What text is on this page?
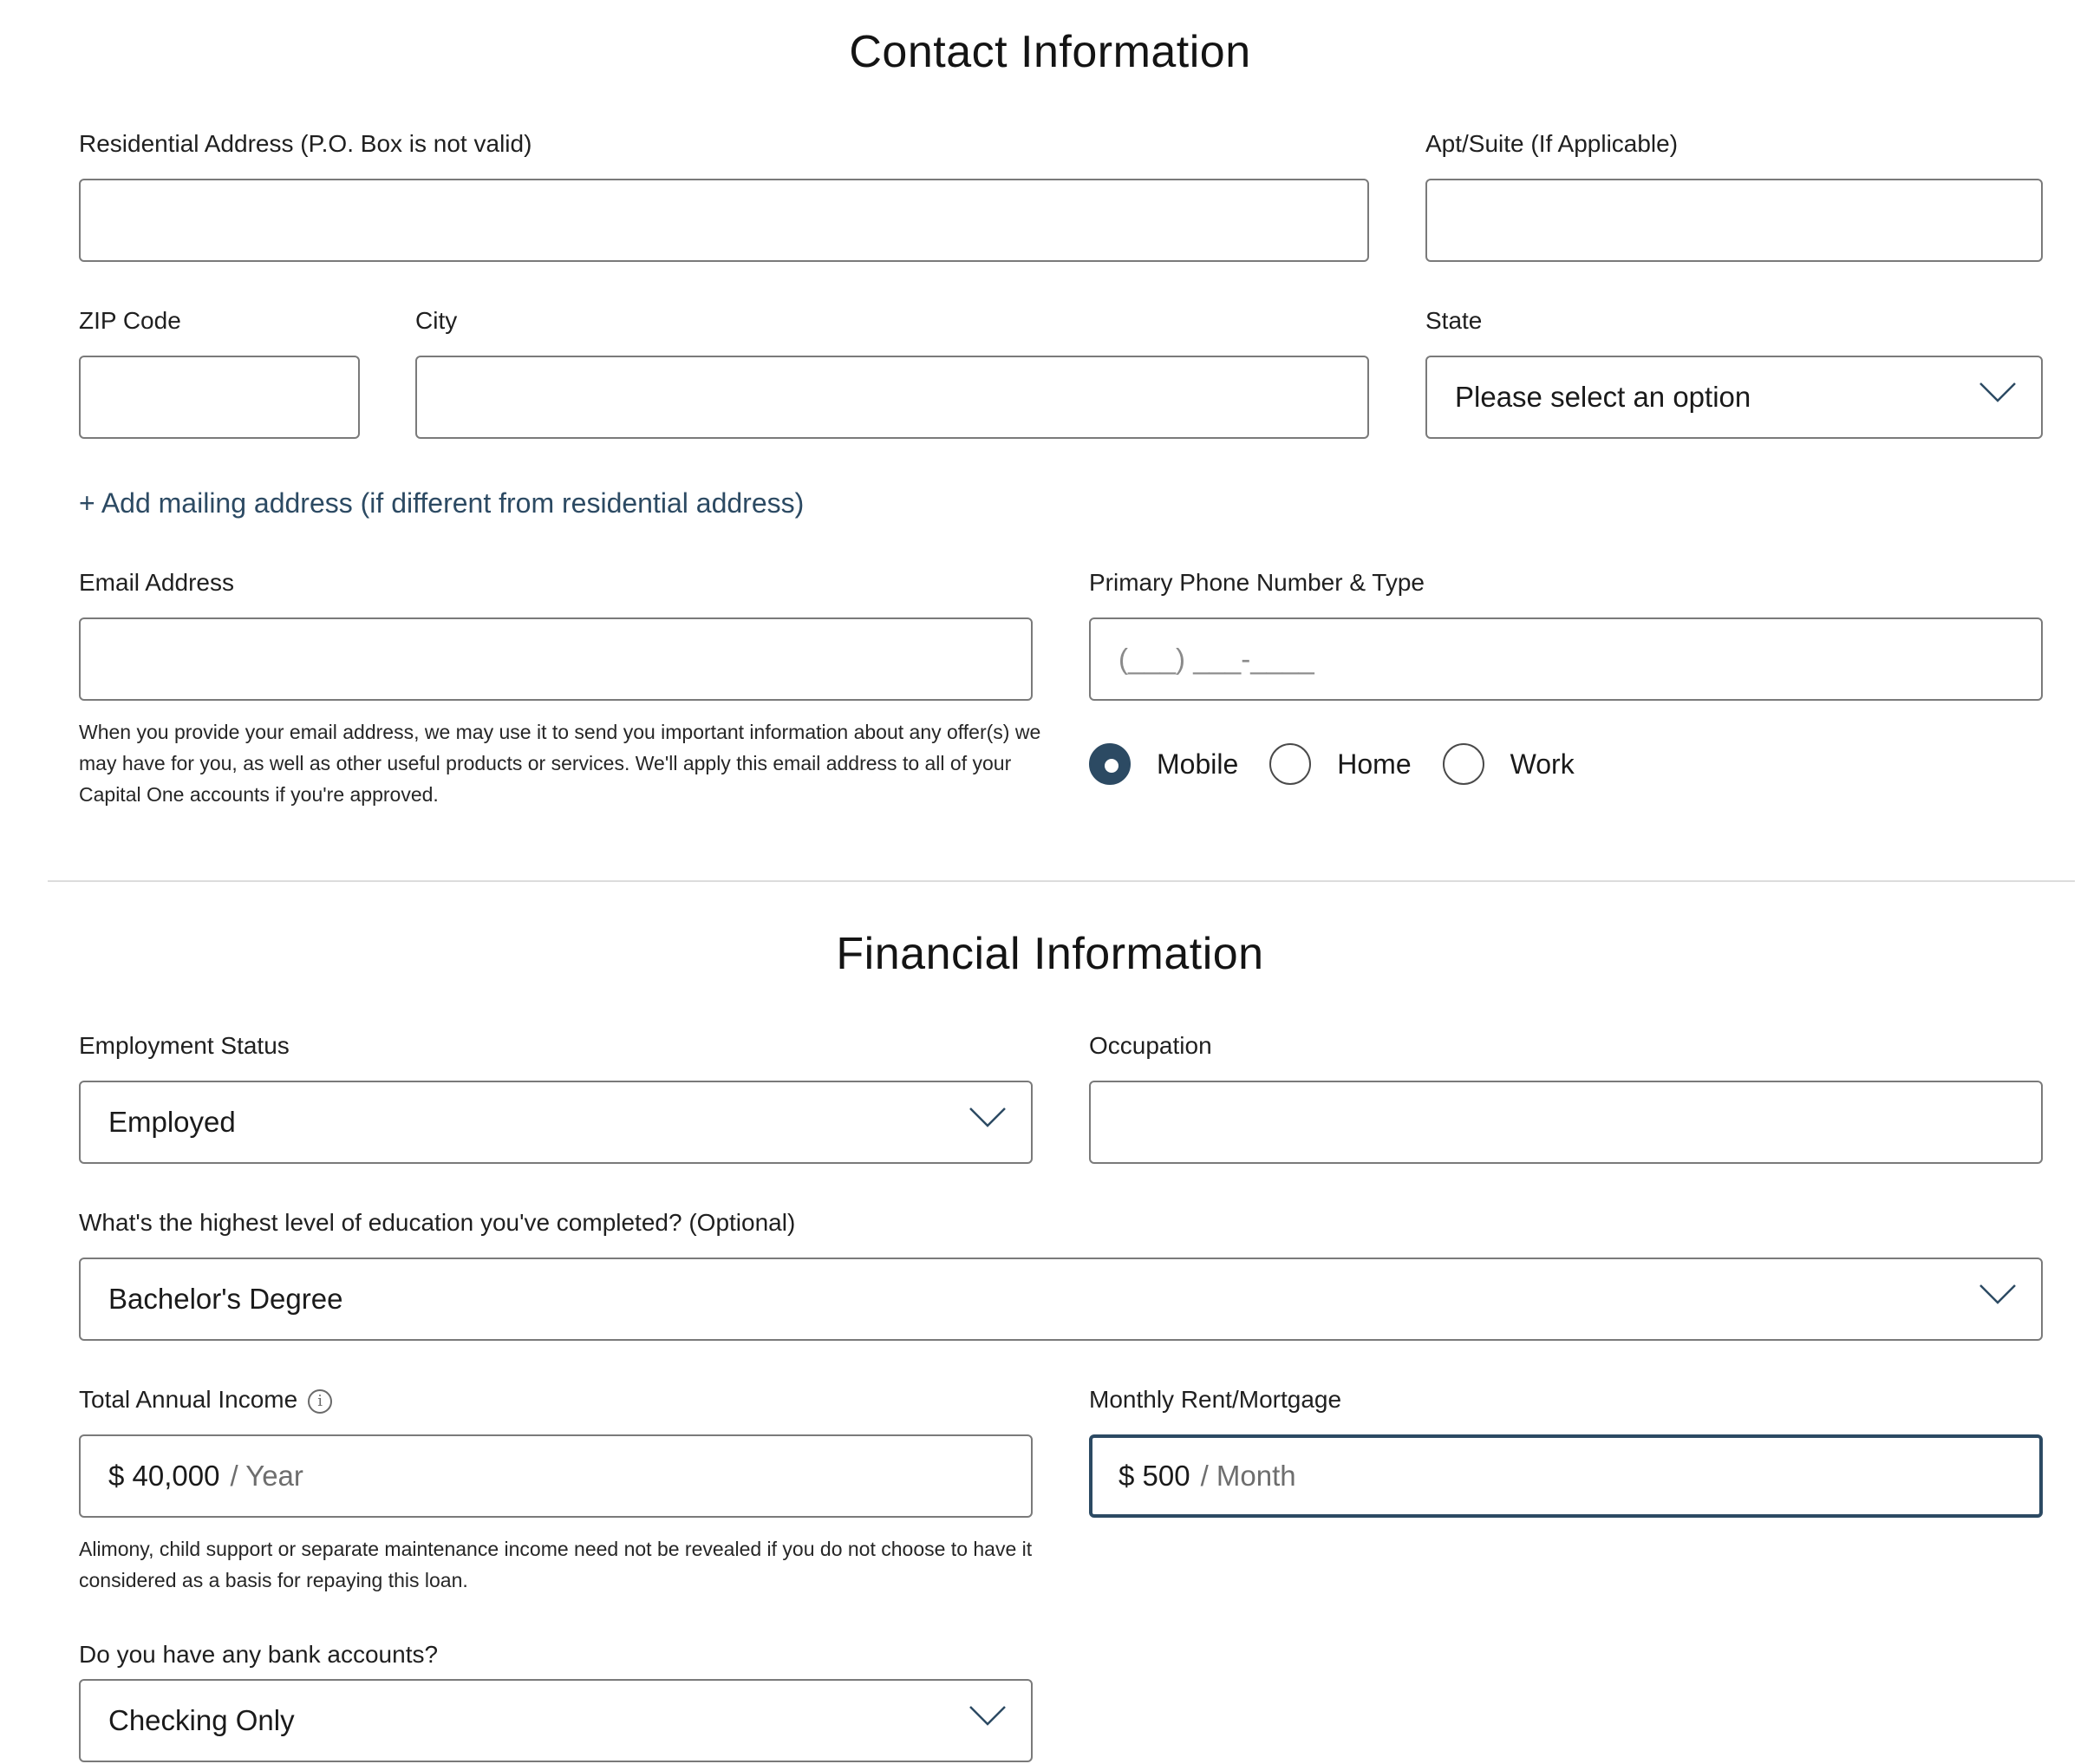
Contact Information
Residential Address (P.O. Box is not valid)	Apt/Suite (If Applicable)
ZIP Code	City	State
Please select an option
+ Add mailing address (if different from residential address)
Email Address
When you provide your email address, we may use it to send you important information about any offer(s) we may have for you, as well as other useful products or services. We'll apply this email address to all of your Capital One accounts if you're approved.
Primary Phone Number & Type
(___) ___-____
Mobile	Home	Work
Financial Information
Employment Status
Employed
Occupation
What's the highest level of education you've completed? (Optional)
Bachelor's Degree
Total Annual Income i
$ 40,000 / Year
Alimony, child support or separate maintenance income need not be revealed if you do not choose to have it considered as a basis for repaying this loan.
Monthly Rent/Mortgage
$ 500 / Month
Do you have any bank accounts?
Checking Only
